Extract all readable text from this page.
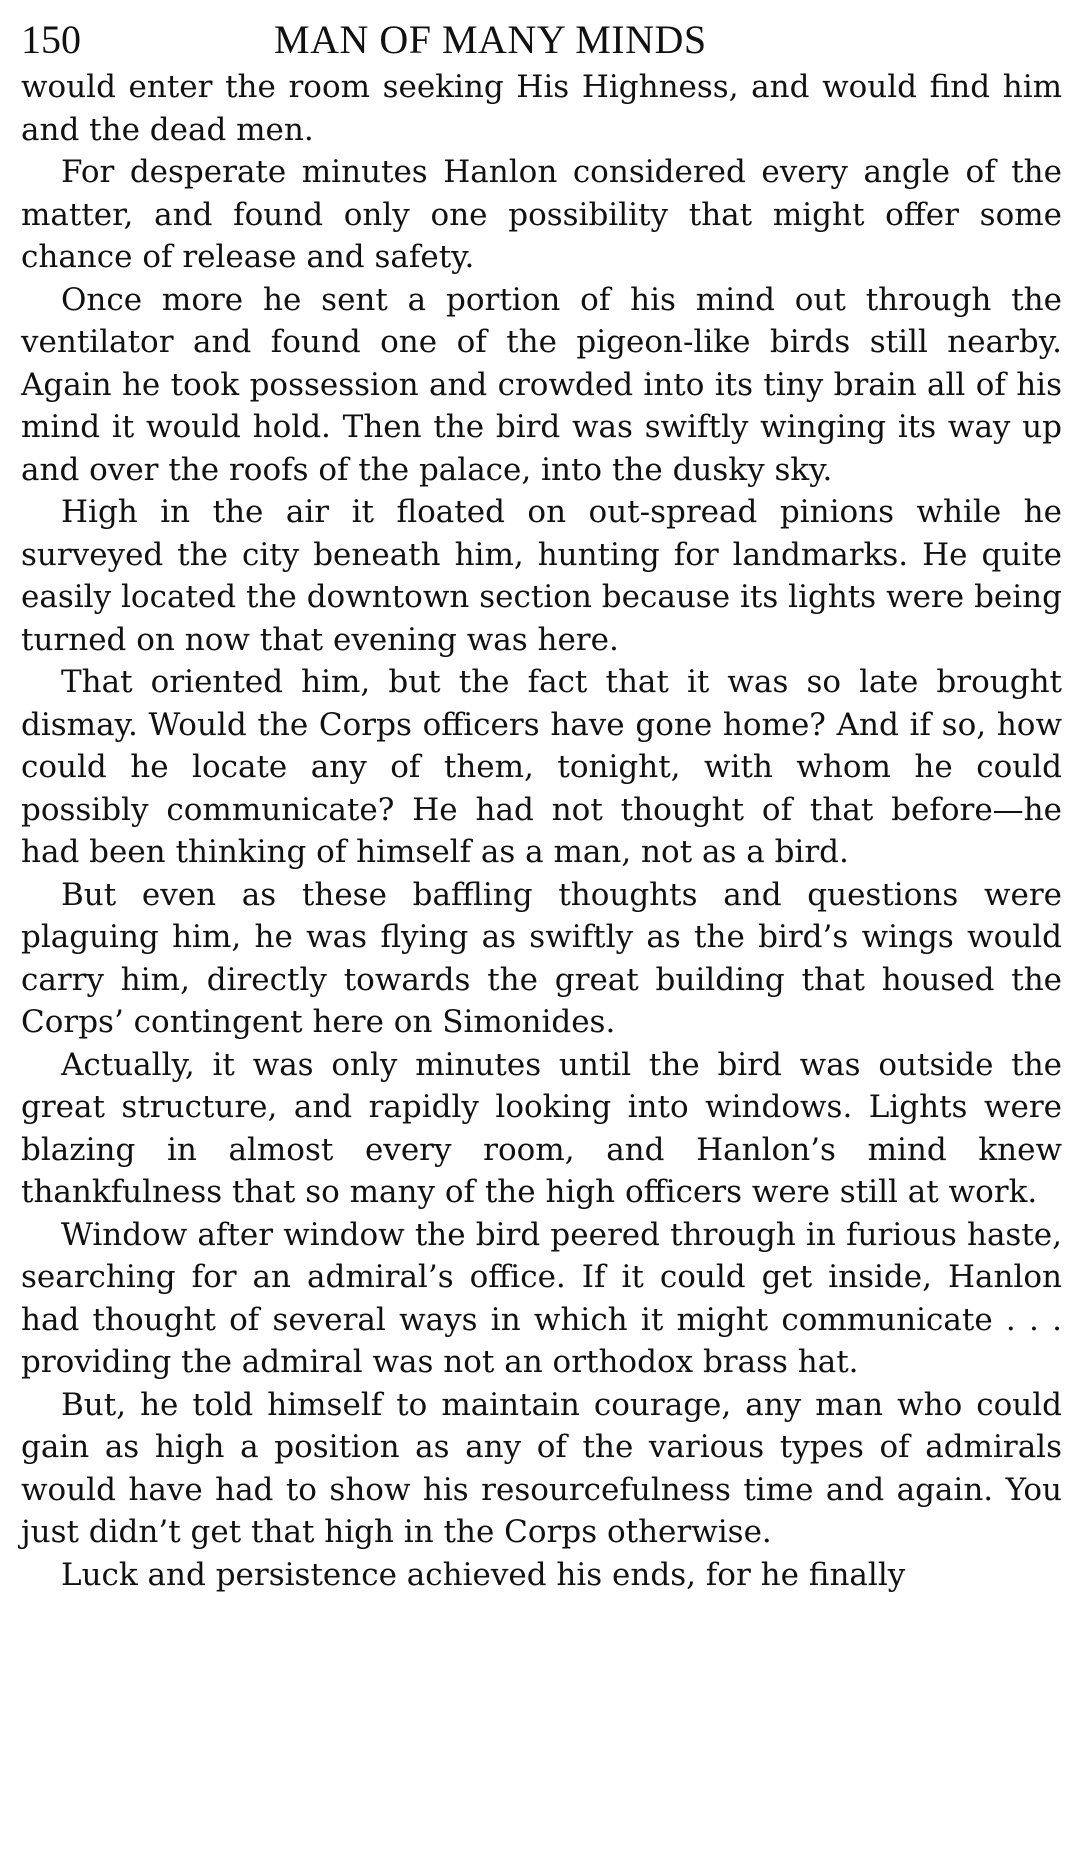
150	MAN OF MANY MINDS

would enter the room seeking His Highness, and would find him and the dead men.

For desperate minutes Hanlon considered every angle of the matter, and found only one possibility that might offer some chance of release and safety.

Once more he sent a portion of his mind out through the ventilator and found one of the pigeon-like birds still nearby. Again he took possession and crowded into its tiny brain all of his mind it would hold. Then the bird was swiftly winging its way up and over the roofs of the palace, into the dusky sky.

High in the air it floated on out-spread pinions while he surveyed the city beneath him, hunting for landmarks. He quite easily located the downtown section because its lights were being turned on now that evening was here.

That oriented him, but the fact that it was so late brought dismay. Would the Corps officers have gone home? And if so, how could he locate any of them, tonight, with whom he could possibly communicate? He had not thought of that before—he had been thinking of himself as a man, not as a bird.

But even as these baffling thoughts and questions were plaguing him, he was flying as swiftly as the bird’s wings would carry him, directly towards the great building that housed the Corps’ contingent here on Simonides.

Actually, it was only minutes until the bird was outside the great structure, and rapidly looking into windows. Lights were blazing in almost every room, and Hanlon’s mind knew thankfulness that so many of the high officers were still at work.

Window after window the bird peered through in furious haste, searching for an admiral’s office. If it could get inside, Hanlon had thought of several ways in which it might communicate . . . providing the admiral was not an orthodox brass hat.

But, he told himself to maintain courage, any man who could gain as high a position as any of the various types of admirals would have had to show his resourcefulness time and again. You just didn’t get that high in the Corps otherwise.

Luck and persistence achieved his ends, for he finally
